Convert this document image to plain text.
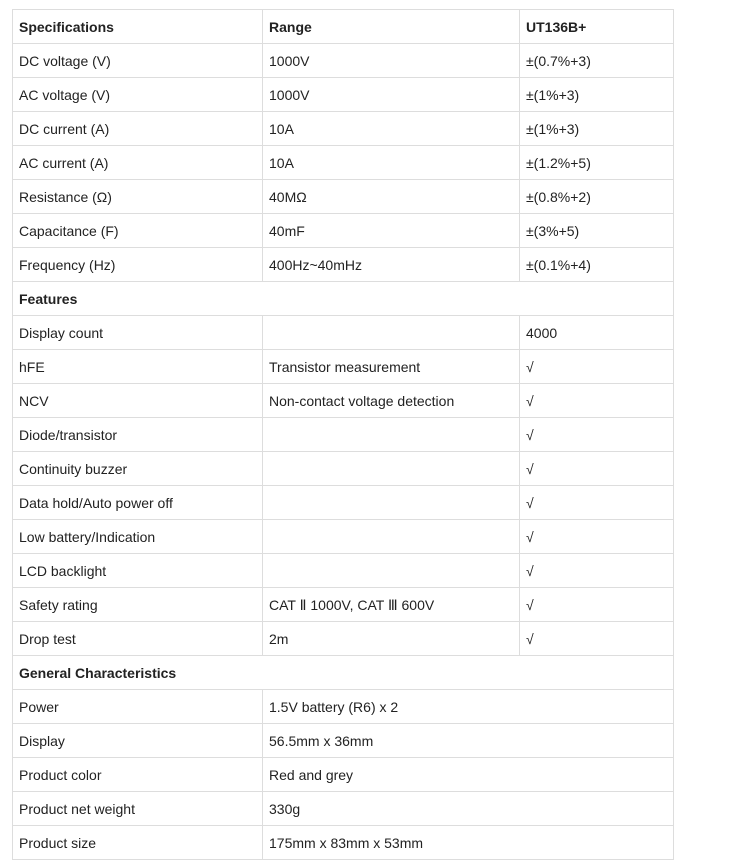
Specifications	Range	UT136B+
DC voltage (V)	1000V	±(0.7%+3)
AC voltage (V)	1000V	±(1%+3)
DC current (A)	10A	±(1%+3)
AC current (A)	10A	±(1.2%+5)
Resistance (Ω)	40MΩ	±(0.8%+2)
Capacitance (F)	40mF	±(3%+5)
Frequency (Hz)	400Hz~40mHz	±(0.1%+4)
Features		
Display count		4000
hFE	Transistor measurement	√
NCV	Non-contact voltage detection	√
Diode/transistor		√
Continuity buzzer		√
Data hold/Auto power off		√
Low battery/Indication		√
LCD backlight		√
Safety rating	CAT Ⅱ 1000V, CAT Ⅲ 600V	√
Drop test	2m	√
General Characteristics		
Power	1.5V battery (R6) x 2	
Display	56.5mm x 36mm	
Product color	Red and grey	
Product net weight	330g	
Product size	175mm x 83mm x 53mm	
